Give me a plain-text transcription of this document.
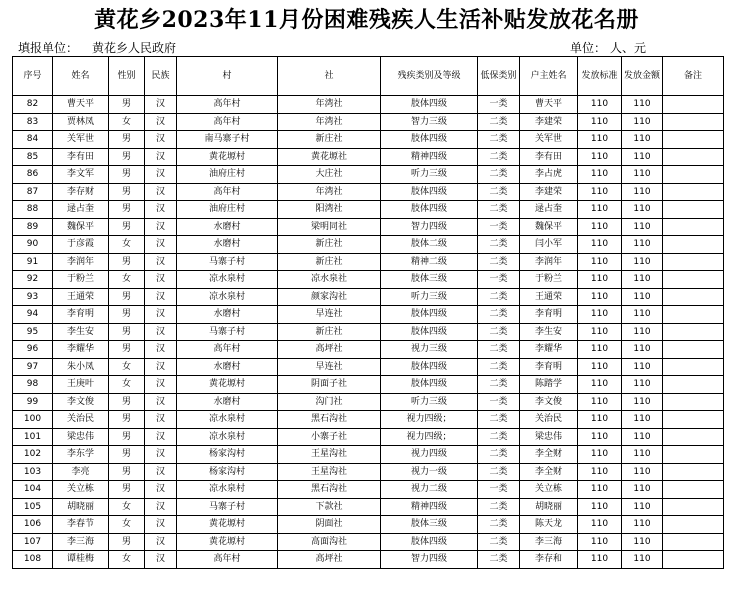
黄花乡2023年11月份困难残疾人生活补贴发放花名册
填报单位： 黄花乡人民政府	单位： 人、元
序号	姓名	性别	民族	村	社	残疾类别及等级	低保类别	户主姓名	发放标准	发放金额	备注
82	曹天平	男	汉	高年村	年湾社	肢体四级	一类	曹天平	110	110	
83	贾林凤	女	汉	高年村	年湾社	智力三级	二类	李建荣	110	110	
84	关军世	男	汉	南马寨子村	新庄社	肢体四级	二类	关军世	110	110	
85	李有田	男	汉	黄花塬村	黄花塬社	精神四级	二类	李有田	110	110	
86	李文军	男	汉	油府庄村	大庄社	听力三级	二类	李占虎	110	110	
87	李存财	男	汉	高年村	年湾社	肢体四级	二类	李建荣	110	110	
88	逯占奎	男	汉	油府庄村	阳湾社	肢体四级	二类	逯占奎	110	110	
89	魏保平	男	汉	水磨村	梁明同社	智力四级	一类	魏保平	110	110	
90	于彦霞	女	汉	水磨村	新庄社	肢体二级	二类	闫小军	110	110	
91	李润年	男	汉	马寨子村	新庄社	精神二级	二类	李润年	110	110	
92	于粉兰	女	汉	凉水泉村	凉水泉社	肢体三级	一类	于粉兰	110	110	
93	王通荣	男	汉	凉水泉村	颜家沟社	听力三级	二类	王通荣	110	110	
94	李育明	男	汉	水磨村	早连社	肢体四级	二类	李育明	110	110	
95	李生安	男	汉	马寨子村	新庄社	肢体四级	二类	李生安	110	110	
96	李耀华	男	汉	高年村	高坪社	视力三级	二类	李耀华	110	110	
97	朱小凤	女	汉	水磨村	早连社	肢体四级	二类	李育明	110	110	
98	王庚叶	女	汉	黄花塬村	阴面子社	肢体四级	二类	陈踏学	110	110	
99	李文俊	男	汉	水磨村	沟门社	听力三级	一类	李文俊	110	110	
100	关治民	男	汉	凉水泉村	黑石沟社	视力四级；	二类	关治民	110	110	
101	梁忠伟	男	汉	凉水泉村	小寨子社	视力四级；	二类	梁忠伟	110	110	
102	李东学	男	汉	杨家沟村	王星沟社	视力四级	二类	李全财	110	110	
103	李亮	男	汉	杨家沟村	王星沟社	视力一级	二类	李全财	110	110	
104	关立栋	男	汉	凉水泉村	黑石沟社	视力二级	一类	关立栋	110	110	
105	胡晓丽	女	汉	马寨子村	下款社	精神四级	二类	胡晓丽	110	110	
106	李春节	女	汉	黄花塬村	阴面社	肢体三级	二类	陈天龙	110	110	
107	李三海	男	汉	黄花塬村	高面沟社	肢体四级	二类	李三海	110	110	
108	谭桂梅	女	汉	高年村	高坪社	智力四级	二类	李存和	110	110	
